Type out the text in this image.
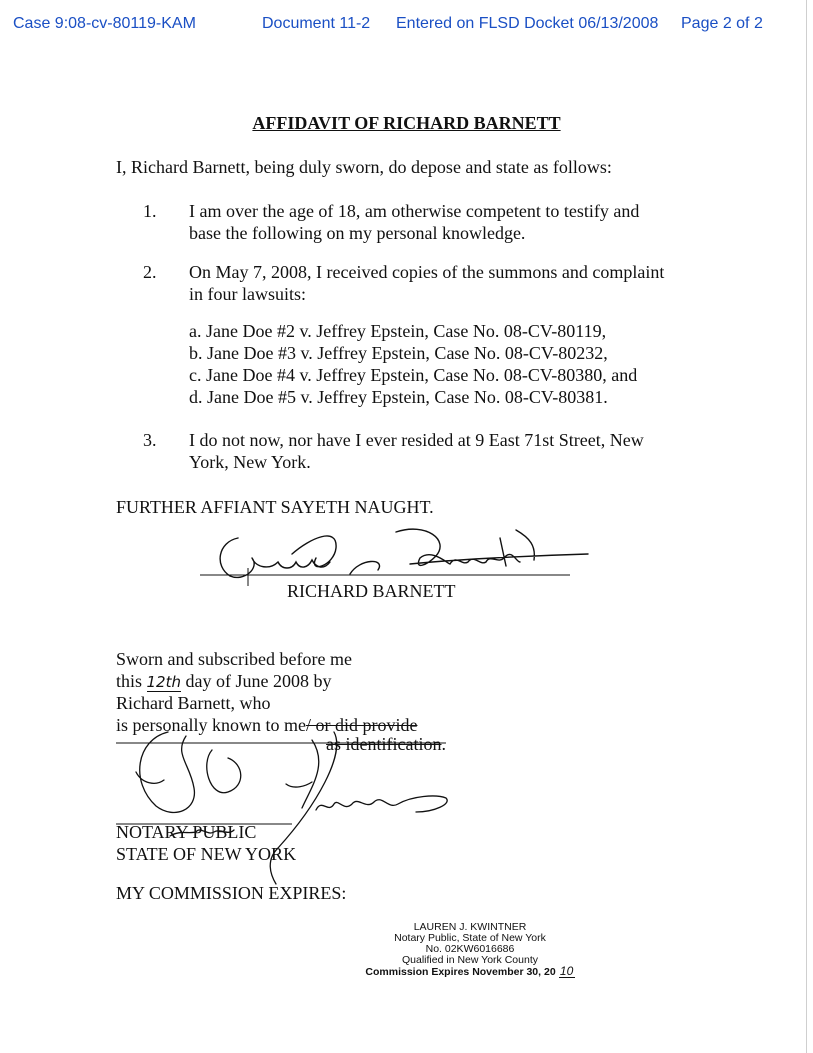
Case 9:08-cv-80119-KAM	Document 11-2 Entered on FLSD Docket 06/13/2008 Page 2 of 2
AFFIDAVIT OF RICHARD BARNETT
I, Richard Barnett, being duly sworn, do depose and state as follows:
1.	I am over the age of 18, am otherwise competent to testify and
base the following on my personal knowledge.
2.	On May 7, 2008, I received copies of the summons and complaint
in four lawsuits:
a. Jane Doe #2 v. Jeffrey Epstein, Case No. 08-CV-80119,
b. Jane Doe #3 v. Jeffrey Epstein, Case No. 08-CV-80232,
c. Jane Doe #4 v. Jeffrey Epstein, Case No. 08-CV-80380, and
d. Jane Doe #5 v. Jeffrey Epstein, Case No. 08-CV-80381.
3.	I do not now, nor have I ever resided at 9 East 71st Street, New
York, New York.
FURTHER AFFIANT SAYETH NAUGHT.
RICHARD BARNETT
Sworn and subscribed before me
this 12th day of June 2008 by
Richard Barnett, who
is personally known to me/ or did provide
as identification.
NOTARY PUBLIC
STATE OF NEW YORK
MY COMMISSION EXPIRES:
LAUREN J. KWINTNER
Notary Public, State of New York
No. 02KW6016686
Qualified in New York County
Commission Expires November 30, 20 10
